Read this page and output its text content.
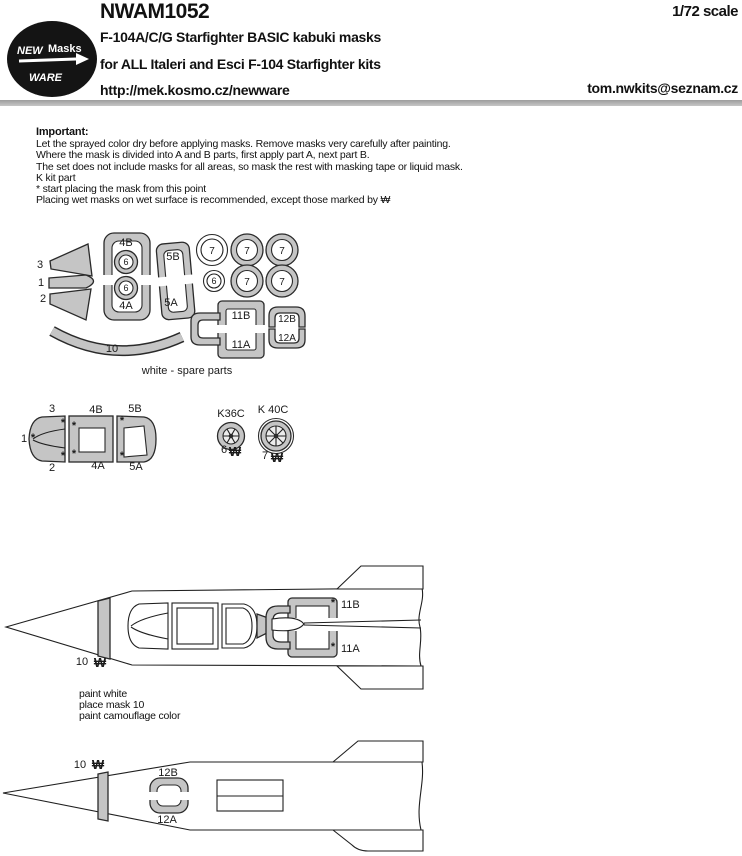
NEW Masks
WARE
NWAM1052	1/72 scale
F-104A/C/G Starfighter BASIC kabuki masks
for ALL Italeri and Esci F-104 Starfighter kits
http://mek.kosmo.cz/newware	tom.nwkits@seznam.cz
Important:
Let the sprayed color dry before applying masks. Remove masks very carefully after painting.
Where the mask is divided into A and B parts, first apply part A, next part B.
The set does not include masks for all areas, so mask the rest with masking tape or liquid mask.
K kit part
* start placing the mask from this point
Placing wet masks on wet surface is recommended, except those marked by ₩
paint white
place mask 10
paint camouflage color
3
1
2
6
6
4B
4A
5B
5A
7	7	7
6	7	7
10
11B
11A
12B
12A
white - spare parts
*
*
*
*
*
*
*
3	4B 5B
1
2	4A 5A
K36C
6 ₩
K 40C
7 ₩
10 ₩
* 11B
* 11A
10 ₩
12B
12A
